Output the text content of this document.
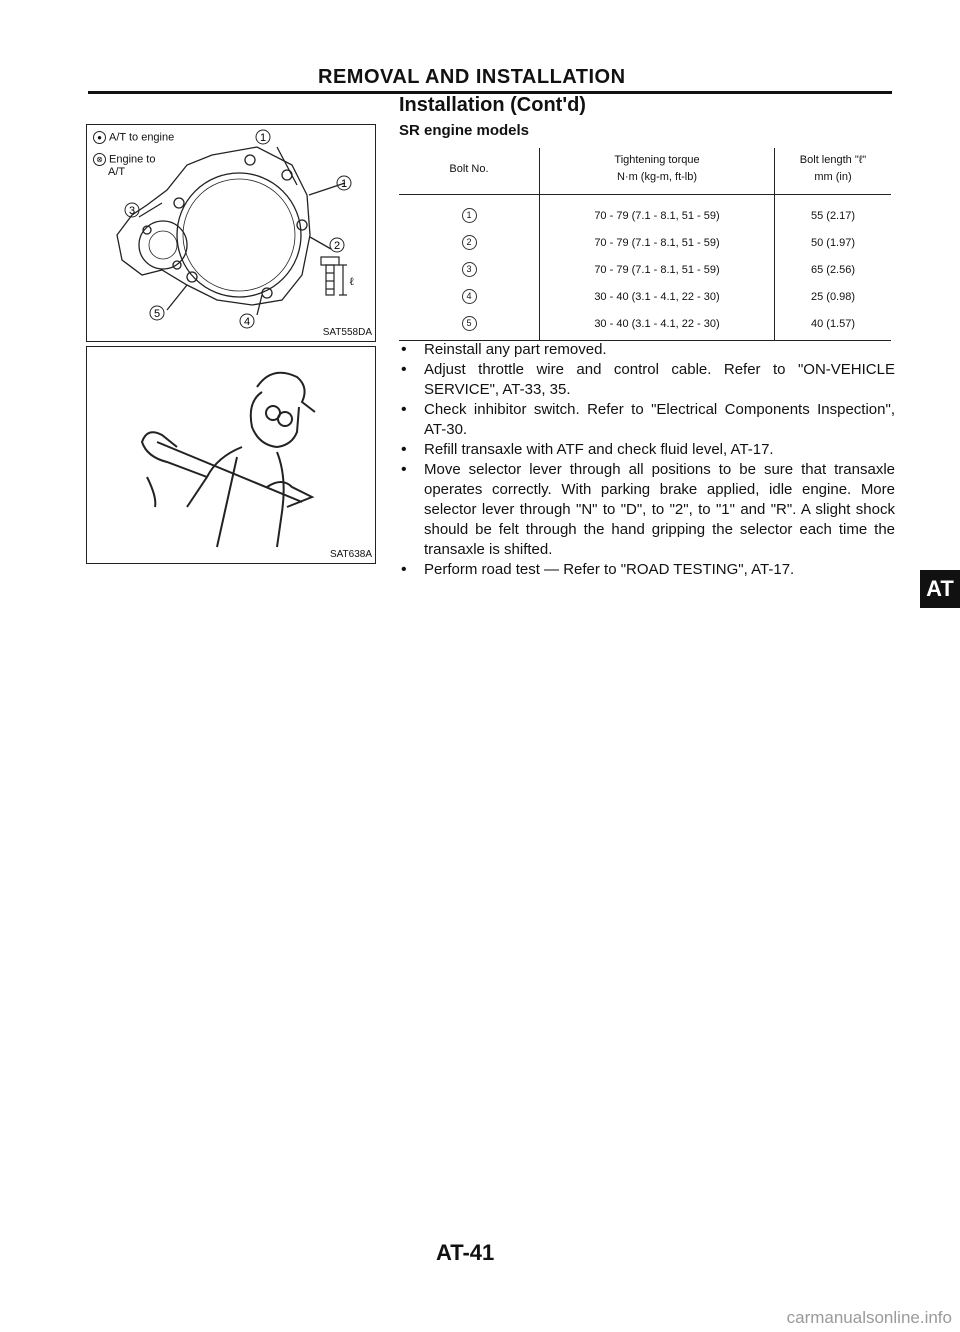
REMOVAL AND INSTALLATION
Installation (Cont'd)
SR engine models
● A/T to engine
⊗ Engine to
A/T
ℓ
1
1
2
3
4
5
SAT558DA
SAT638A
Bolt No.	Tightening torque
N·m (kg-m, ft-lb)	Bolt length "ℓ"
mm (in)
1	70 - 79 (7.1 - 8.1, 51 - 59)	55 (2.17)
2	70 - 79 (7.1 - 8.1, 51 - 59)	50 (1.97)
3	70 - 79 (7.1 - 8.1, 51 - 59)	65 (2.56)
4	30 - 40 (3.1 - 4.1, 22 - 30)	25 (0.98)
5	30 - 40 (3.1 - 4.1, 22 - 30)	40 (1.57)
• Reinstall any part removed.
• Adjust throttle wire and control cable. Refer to "ON-VEHICLE SERVICE", AT-33, 35.
• Check inhibitor switch. Refer to "Electrical Components Inspection", AT-30.
• Refill transaxle with ATF and check fluid level, AT-17.
• Move selector lever through all positions to be sure that transaxle operates correctly. With parking brake applied, idle engine. More selector lever through "N" to "D", to "2", to "1" and "R". A slight shock should be felt through the hand gripping the selector each time the transaxle is shifted.
• Perform road test — Refer to "ROAD TESTING", AT-17.
AT
AT-41
carmanualsonline.info
